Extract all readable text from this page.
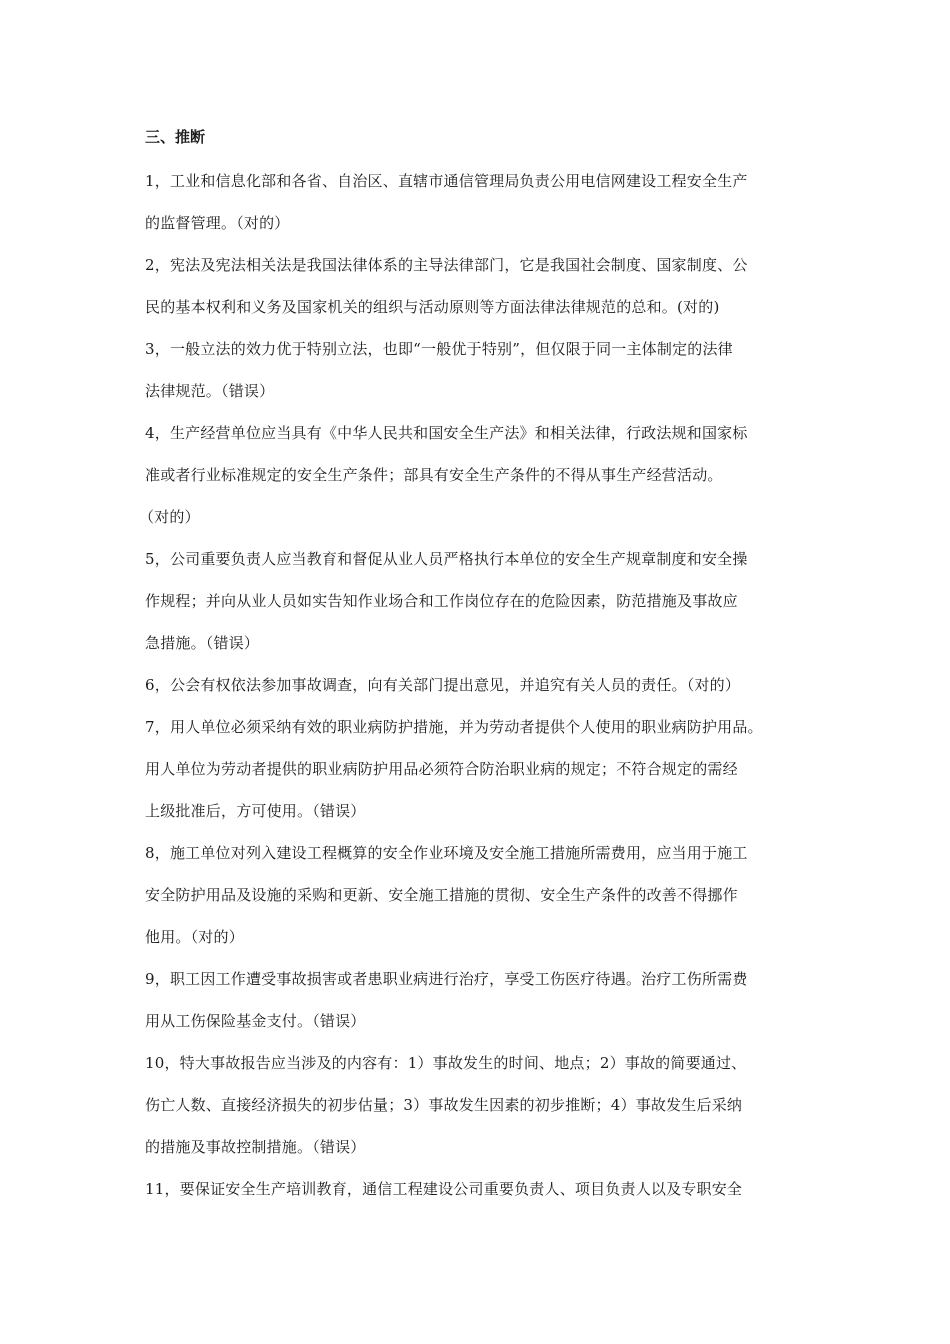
三、推断
1，工业和信息化部和各省、自治区、直辖市通信管理局负责公用电信网建设工程安全生产
的监督管理。（对的）
2，宪法及宪法相关法是我国法律体系的主导法律部门，它是我国社会制度、国家制度、公
民的基本权利和义务及国家机关的组织与活动原则等方面法律法律规范的总和。(对的)
3，一般立法的效力优于特别立法，也即“一般优于特别”，但仅限于同一主体制定的法律
法律规范。（错误）
4，生产经营单位应当具有《中华人民共和国安全生产法》和相关法律，行政法规和国家标
准或者行业标准规定的安全生产条件；部具有安全生产条件的不得从事生产经营活动。
（对的）
5，公司重要负责人应当教育和督促从业人员严格执行本单位的安全生产规章制度和安全操
作规程；并向从业人员如实告知作业场合和工作岗位存在的危险因素，防范措施及事故应
急措施。（错误）
6，公会有权依法参加事故调查，向有关部门提出意见，并追究有关人员的责任。（对的）
7，用人单位必须采纳有效的职业病防护措施，并为劳动者提供个人使用的职业病防护用品。
用人单位为劳动者提供的职业病防护用品必须符合防治职业病的规定；不符合规定的需经
上级批准后，方可使用。（错误）
8，施工单位对列入建设工程概算的安全作业环境及安全施工措施所需费用，应当用于施工
安全防护用品及设施的采购和更新、安全施工措施的贯彻、安全生产条件的改善不得挪作
他用。（对的）
9，职工因工作遭受事故损害或者患职业病进行治疗，享受工伤医疗待遇。治疗工伤所需费
用从工伤保险基金支付。（错误）
10，特大事故报告应当涉及的内容有：1）事故发生的时间、地点；2）事故的简要通过、
伤亡人数、直接经济损失的初步估量；3）事故发生因素的初步推断；4）事故发生后采纳
的措施及事故控制措施。（错误）
11，要保证安全生产培训教育，通信工程建设公司重要负责人、项目负责人以及专职安全
